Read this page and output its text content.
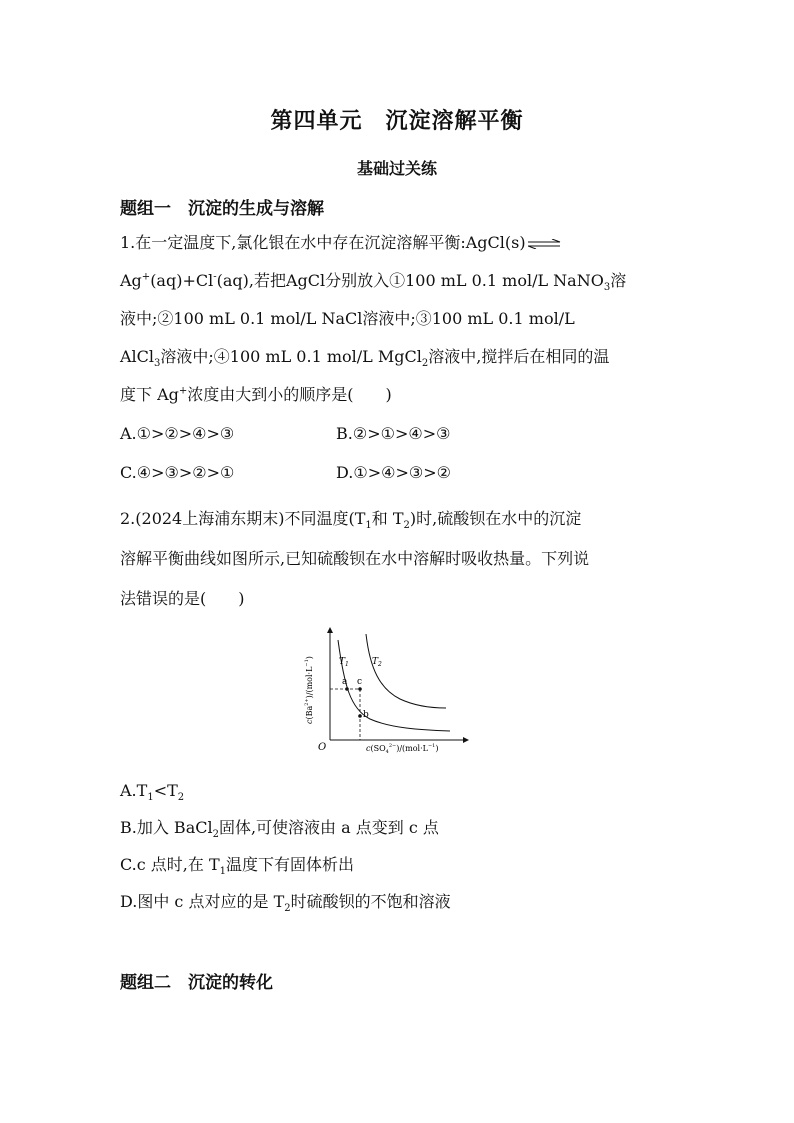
第四单元　沉淀溶解平衡
基础过关练
题组一　沉淀的生成与溶解
1.在一定温度下,氯化银在水中存在沉淀溶解平衡:AgCl(s) ⇌
Ag+(aq)+Cl-(aq),若把AgCl分别放入①100 mL 0.1 mol/L NaNO$_3$溶
液中;②100 mL 0.1 mol/L NaCl溶液中;③100 mL 0.1 mol/L
AlCl$_3$溶液中;④100 mL 0.1 mol/L MgCl$_2$溶液中,搅拌后在相同的温
度下 Ag+浓度由大到小的顺序是(　　)
A.①>②>④>③	B.②>①>④>③
C.④>③>②>①	D.①>④>③>②
2.(2024上海浦东期末)不同温度($T_1$和 $T_2$)时,硫酸钡在水中的沉淀
溶解平衡曲线如图所示,已知硫酸钡在水中溶解时吸收热量。下列说
法错误的是(　　)
a c
b
$T_1$	$T_2$
O	$c(SO_4^{2-})/(mol\cdot L^{-1})$
$c(Ba^{2+})/(mol\cdot L^{-1})$
$A.T_1<T_2$
B.加入 BaCl$_2$固体,可使溶液由 a 点变到 c 点
C.c 点时,在 $T_1$温度下有固体析出
D.图中 c 点对应的是 $T_2$时硫酸钡的不饱和溶液
题组二　沉淀的转化
